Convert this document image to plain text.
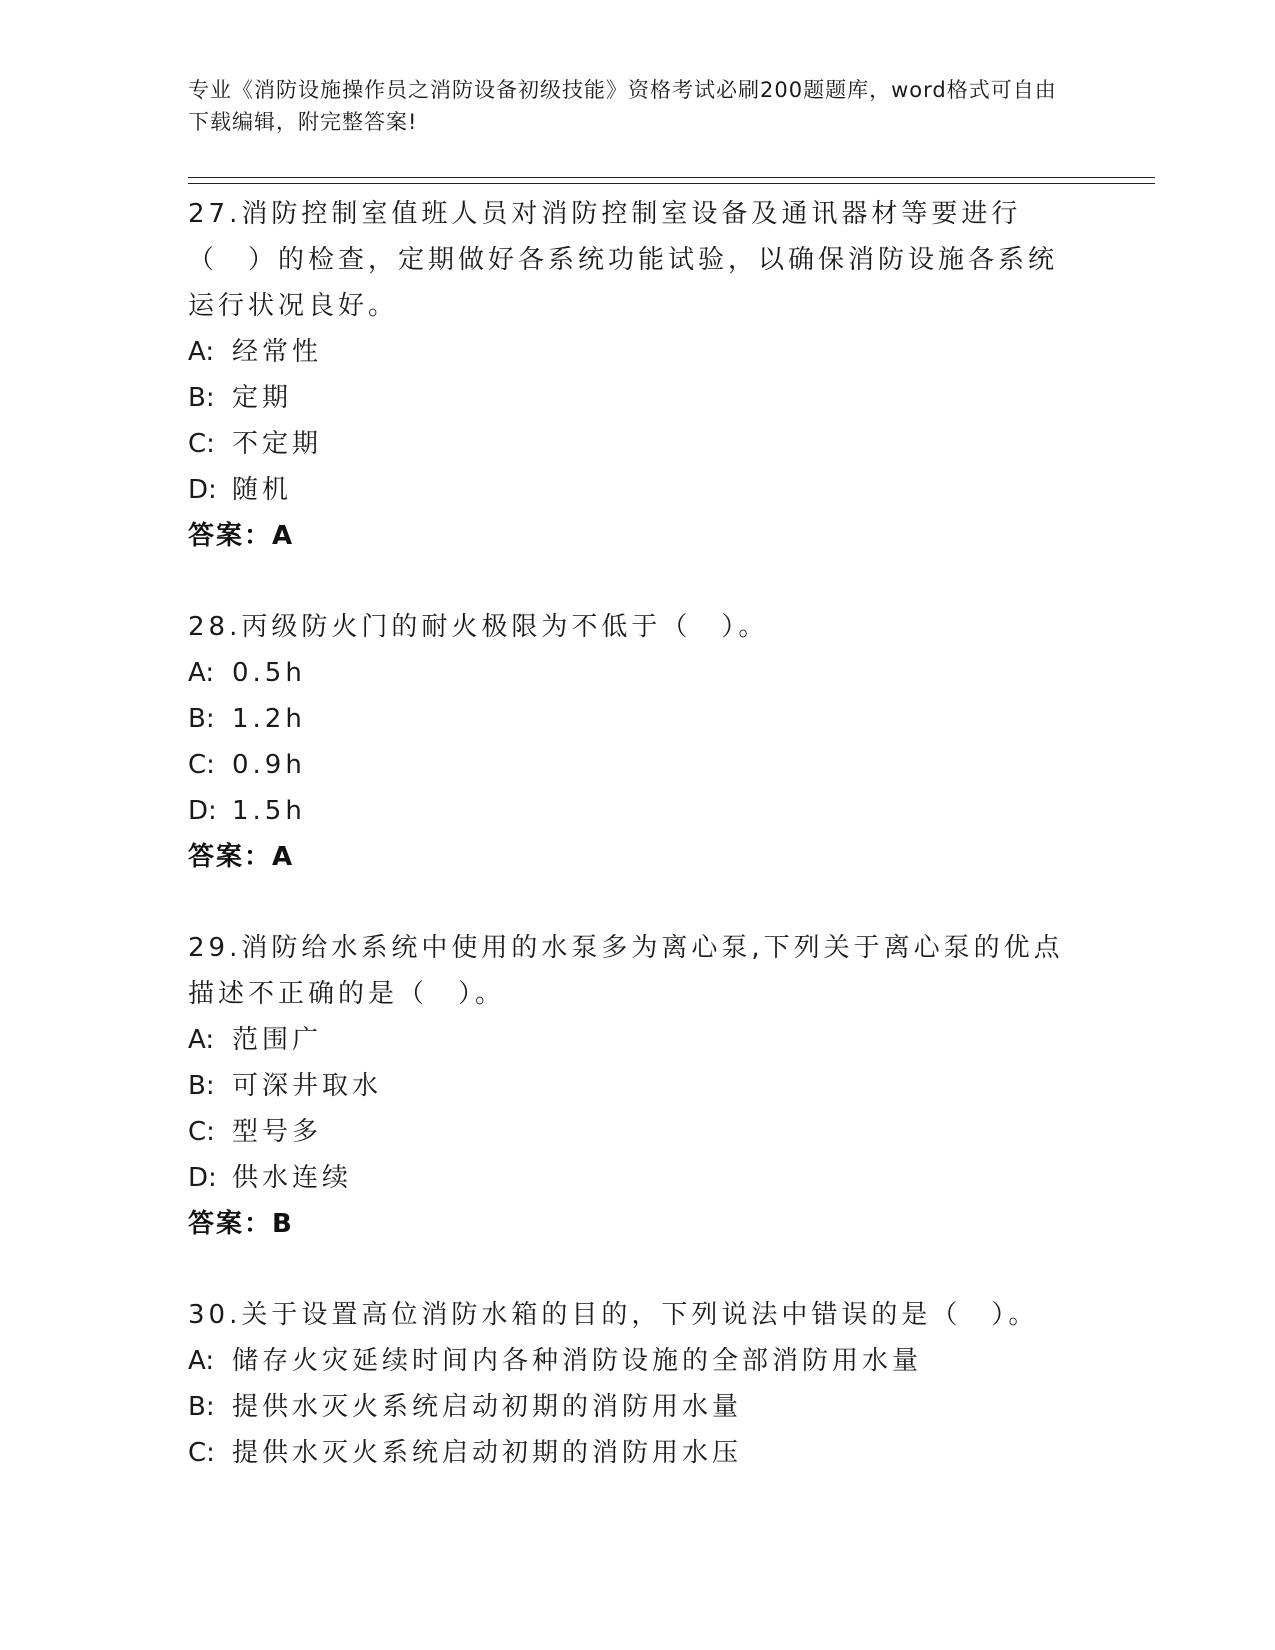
专业《消防设施操作员之消防设备初级技能》资格考试必刷200题题库，word格式可自由下载编辑，附完整答案!
27.消防控制室值班人员对消防控制室设备及通讯器材等要进行（　）的检查，定期做好各系统功能试验，以确保消防设施各系统运行状况良好。
A: 经常性
B: 定期
C: 不定期
D: 随机
答案：A
28.丙级防火门的耐火极限为不低于（　）。
A: 0.5h
B: 1.2h
C: 0.9h
D: 1.5h
答案：A
29.消防给水系统中使用的水泵多为离心泵,下列关于离心泵的优点描述不正确的是（　）。
A: 范围广
B: 可深井取水
C: 型号多
D: 供水连续
答案：B
30.关于设置高位消防水箱的目的，下列说法中错误的是（　）。
A: 储存火灾延续时间内各种消防设施的全部消防用水量
B: 提供水灭火系统启动初期的消防用水量
C: 提供水灭火系统启动初期的消防用水压
